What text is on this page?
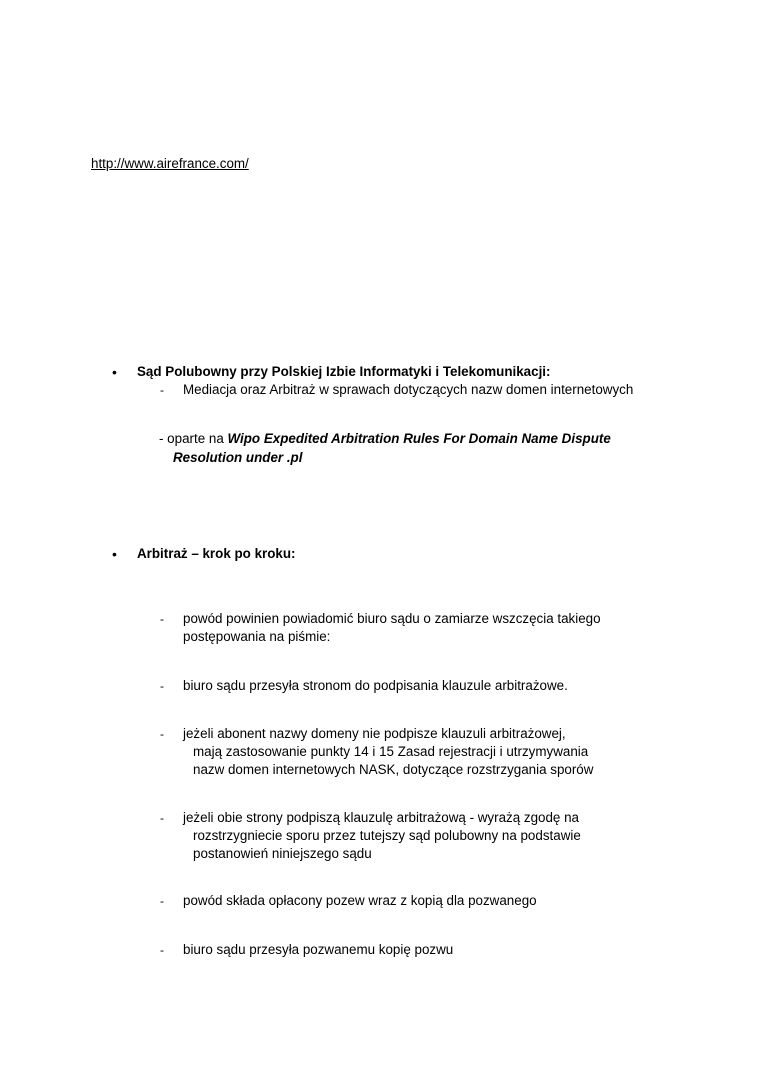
http://www.airefrance.com/
• Sąd Polubowny przy Polskiej Izbie Informatyki i Telekomunikacji:
- Mediacja oraz Arbitraż w sprawach dotyczących nazw domen internetowych
- oparte na Wipo Expedited Arbitration Rules For Domain Name Dispute
Resolution under .pl
• Arbitraż – krok po kroku:
- powód powinien powiadomić biuro sądu o zamiarze wszczęcia takiego
postępowania na piśmie:
- biuro sądu przesyła stronom do podpisania klauzule arbitrażowe.
- jeżeli abonent nazwy domeny nie podpisze klauzuli arbitrażowej,
mają zastosowanie punkty 14 i 15 Zasad rejestracji i utrzymywania
nazw domen internetowych NASK, dotyczące rozstrzygania sporów
- jeżeli obie strony podpiszą klauzulę arbitrażową - wyrażą zgodę na
rozstrzygniecie sporu przez tutejszy sąd polubowny na podstawie
postanowień niniejszego sądu
- powód składa opłacony pozew wraz z kopią dla pozwanego
- biuro sądu przesyła pozwanemu kopię pozwu
